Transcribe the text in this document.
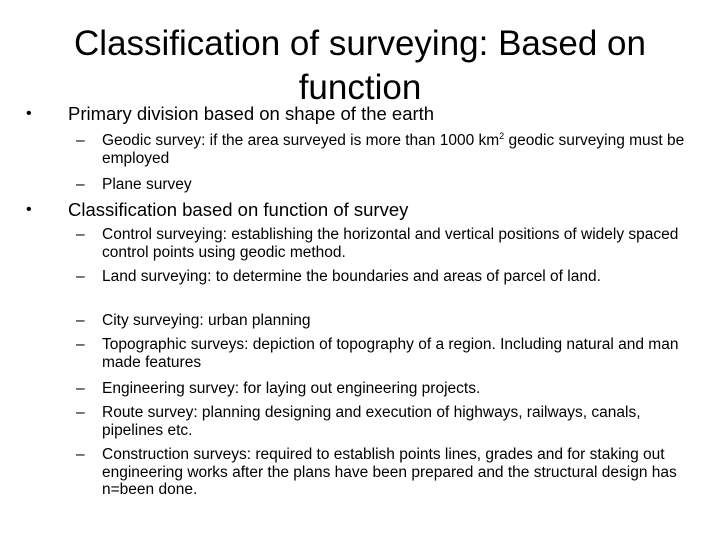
Classification of surveying: Based on function
•	Primary division based on shape of the earth
–	Geodic survey: if the area surveyed is more than 1000 $km^2$ geodic surveying must be employed
–	Plane survey
•	Classification based on function of survey
–	Control surveying: establishing the horizontal and vertical positions of widely spaced control points using geodic method.
–	Land surveying: to determine the boundaries and areas of parcel of land.
–	City surveying: urban planning
–	Topographic surveys: depiction of topography of a region. Including natural and man made features
–	Engineering survey: for laying out engineering projects.
–	Route survey: planning designing and execution of highways, railways, canals, pipelines etc.
–	Construction surveys: required to establish points lines, grades and for staking out engineering works after the plans have been prepared and the structural design has n=been done.
